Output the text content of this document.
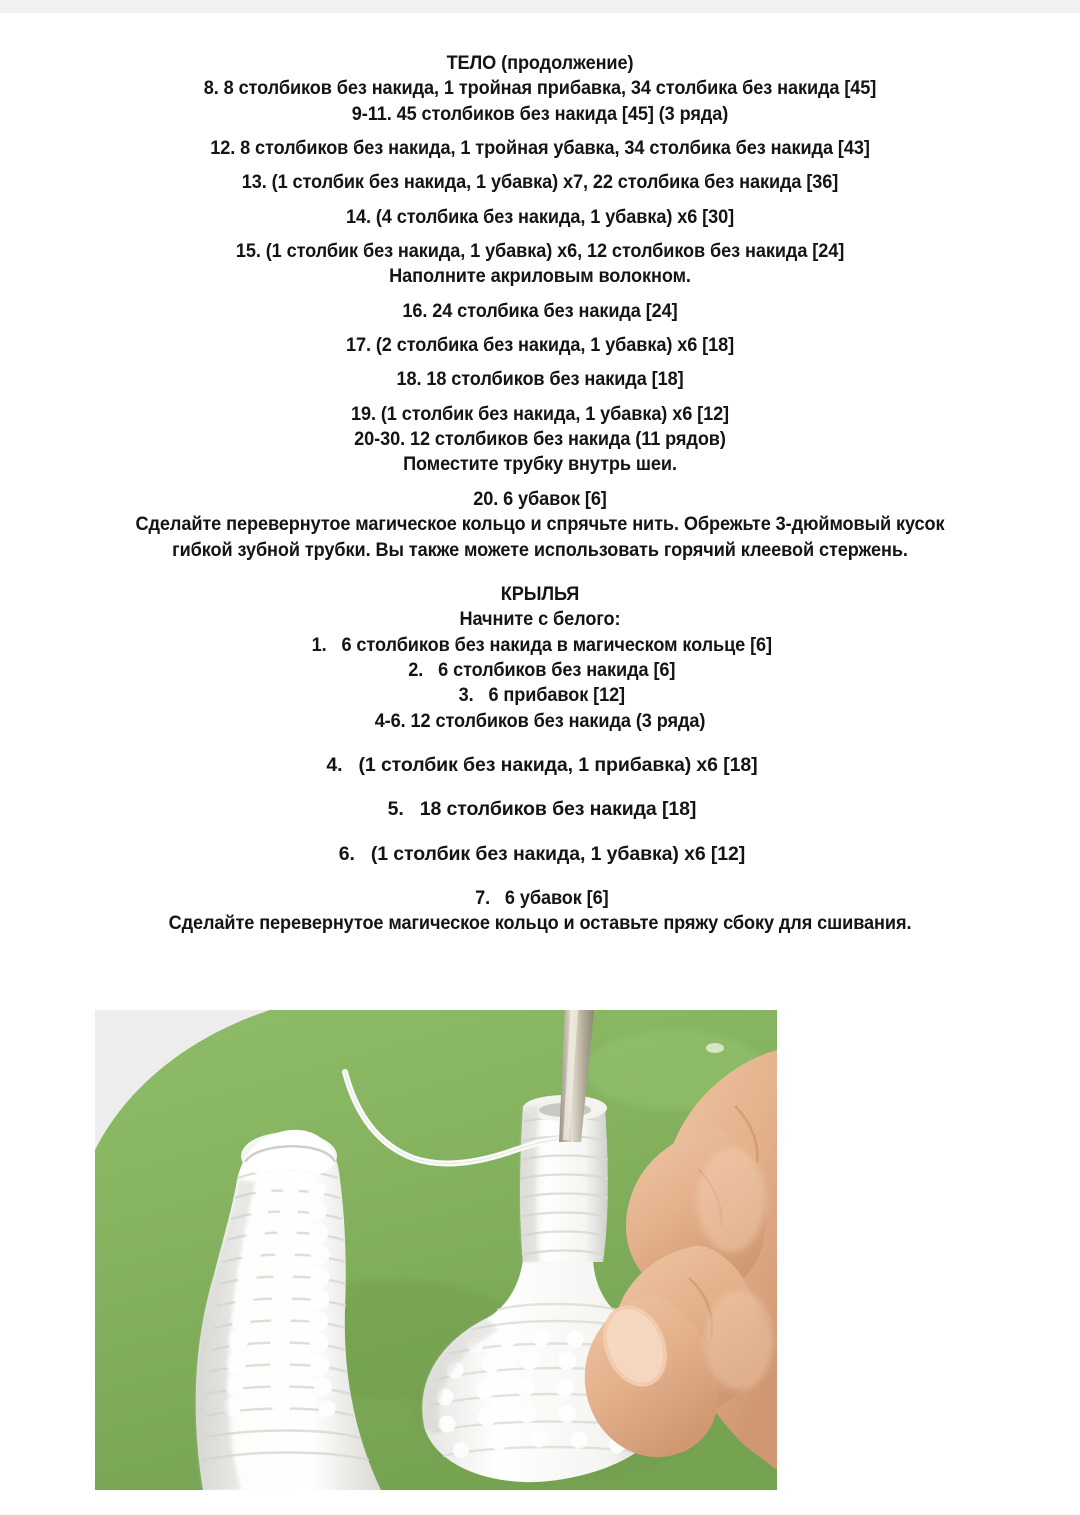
ТЕЛО (продолжение)
8. 8 столбиков без накида, 1 тройная прибавка, 34 столбика без накида [45]
9-11. 45 столбиков без накида [45] (3 ряда)
12. 8 столбиков без накида, 1 тройная убавка, 34 столбика без накида [43]
13. (1 столбик без накида, 1 убавка) х7, 22 столбика без накида [36]
14. (4 столбика без накида, 1 убавка) х6 [30]
15. (1 столбик без накида, 1 убавка) х6, 12 столбиков без накида [24]
Наполните акриловым волокном.
16. 24 столбика без накида [24]
17. (2 столбика без накида, 1 убавка) х6 [18]
18. 18 столбиков без накида [18]
19. (1 столбик без накида, 1 убавка) х6 [12]
20-30. 12 столбиков без накида (11 рядов)
Поместите трубку внутрь шеи.
20. 6 убавок [6]
Сделайте перевернутое магическое кольцо и спрячьте нить. Обрежьте 3-дюймовый кусок
гибкой зубной трубки. Вы также можете использовать горячий клеевой стержень.
КРЫЛЬЯ
Начните с белого:
1. 6 столбиков без накида в магическом кольце [6]
2. 6 столбиков без накида [6]
3. 6 прибавок [12]
4-6. 12 столбиков без накида (3 ряда)
4. (1 столбик без накида, 1 прибавка) х6 [18]
5. 18 столбиков без накида [18]
6. (1 столбик без накида, 1 убавка) х6 [12]
7. 6 убавок [6]
Сделайте перевернутое магическое кольцо и оставьте пряжу сбоку для сшивания.
